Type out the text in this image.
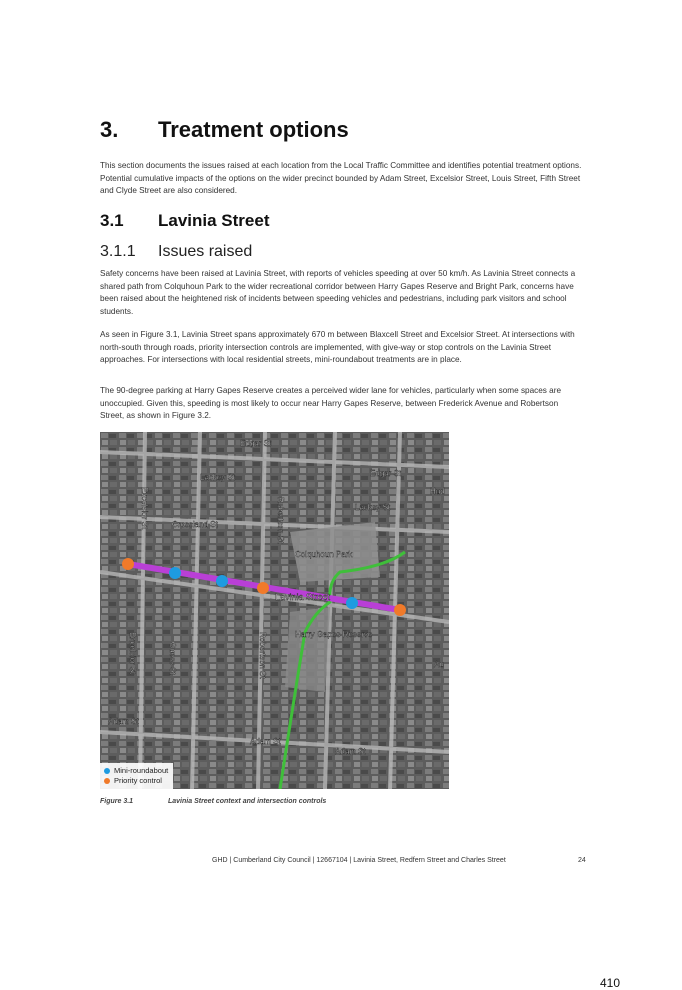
3. Treatment options
This section documents the issues raised at each location from the Local Traffic Committee and identifies potential treatment options. Potential cumulative impacts of the options on the wider precinct bounded by Adam Street, Excelsior Street, Louis Street, Fifth Street and Clyde Street are also considered.
3.1 Lavinia Street
3.1.1 Issues raised
Safety concerns have been raised at Lavinia Street, with reports of vehicles speeding at over 50 km/h. As Lavinia Street connects a shared path from Colquhoun Park to the wider recreational corridor between Harry Gapes Reserve and Bright Park, concerns have been raised about the heightened risk of incidents between speeding vehicles and pedestrians, including park visitors and school students.
As seen in Figure 3.1, Lavinia Street spans approximately 670 m between Blaxcell Street and Excelsior Street. At intersections with north-south through roads, priority intersection controls are implemented, with give-way or stop controls on the Lavinia Street approaches. For intersections with local residential streets, mini-roundabout treatments are in place.
The 90-degree parking at Harry Gapes Reserve creates a perceived wider lane for vehicles, particularly when some spaces are unoccupied. Given this, speeding is most likely to occur near Harry Gapes Reserve, between Frederick Avenue and Robertson Street, as shown in Figure 3.2.
Edgar St
Edgar St
Lackey St
Lackey St
Crossland St
Colquhoun Park
Lavinia Street
Harry Gapes Reserve
Adam St
Adam St
Adam St
Robertson St
Robertson St
Excelsior St
Excelsior St	Guess St
Hud
Au
Mini-roundabout
Priority control
Figure 3.1	Lavinia Street context and intersection controls
GHD | Cumberland City Council | 12667104 | Lavinia Street, Redfern Street and Charles Street	24
410
